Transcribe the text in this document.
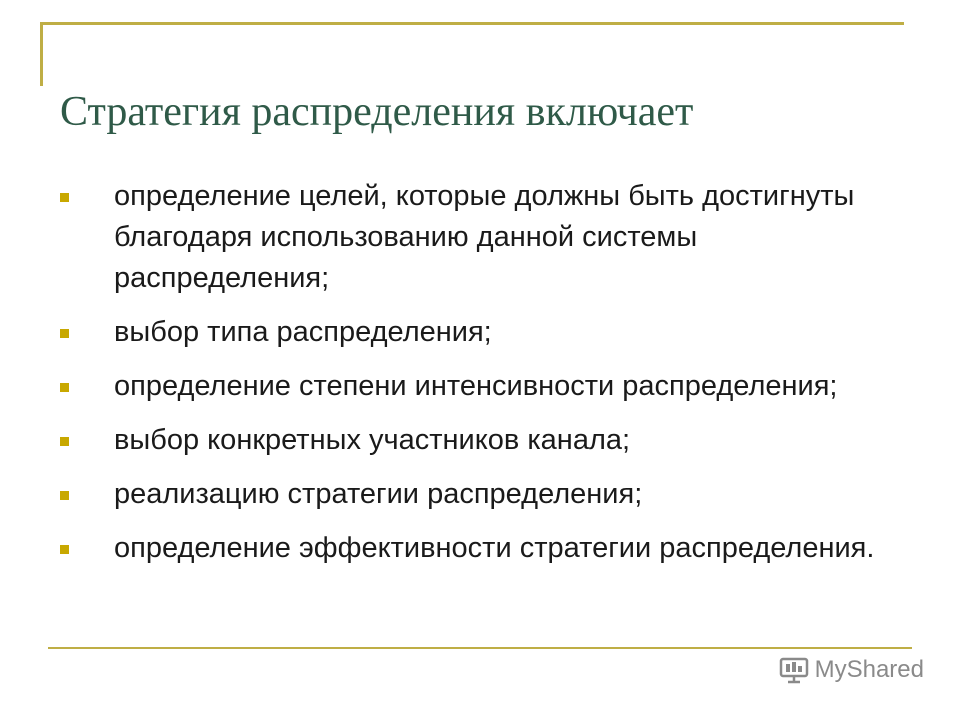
Стратегия распределения включает
определение целей, которые должны быть достигнуты благодаря использованию данной системы распределения;
выбор типа распределения;
определение степени интенсивности распределения;
выбор конкретных участников канала;
реализацию стратегии распределения;
определение эффективности стратегии распределения.
MyShared
